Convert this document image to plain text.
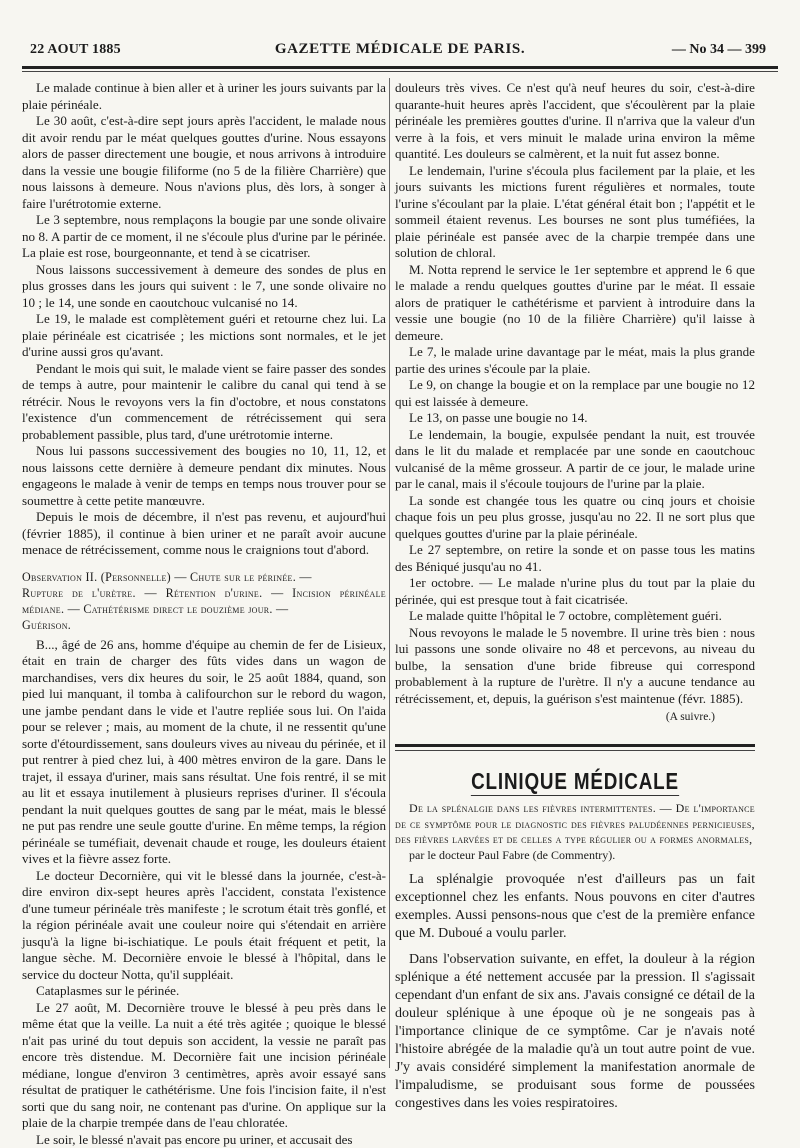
22 AOUT 1885	GAZETTE MÉDICALE DE PARIS.	— No 34 — 399

Le malade continue à bien aller et à uriner les jours suivants par la plaie périnéale.

Le 30 août, c'est-à-dire sept jours après l'accident, le malade nous dit avoir rendu par le méat quelques gouttes d'urine. Nous essayons alors de passer directement une bougie, et nous arrivons à introduire dans la vessie une bougie filiforme (no 5 de la filière Charrière) que nous laissons à demeure. Nous n'avions plus, dès lors, à songer à faire l'urétrotomie externe.

Le 3 septembre, nous remplaçons la bougie par une sonde olivaire no 8. A partir de ce moment, il ne s'écoule plus d'urine par le périnée. La plaie est rose, bourgeonnante, et tend à se cicatriser.

Nous laissons successivement à demeure des sondes de plus en plus grosses dans les jours qui suivent : le 7, une sonde olivaire no 10 ; le 14, une sonde en caoutchouc vulcanisé no 14.

Le 19, le malade est complètement guéri et retourne chez lui. La plaie périnéale est cicatrisée ; les mictions sont normales, et le jet d'urine aussi gros qu'avant.

Pendant le mois qui suit, le malade vient se faire passer des sondes de temps à autre, pour maintenir le calibre du canal qui tend à se rétrécir. Nous le revoyons vers la fin d'octobre, et nous constatons l'existence d'un commencement de rétrécissement qui sera probablement passible, plus tard, d'une urétrotomie interne.

Nous lui passons successivement des bougies no 10, 11, 12, et nous laissons cette dernière à demeure pendant dix minutes. Nous engageons le malade à venir de temps en temps nous trouver pour se soumettre à cette petite manœuvre.

Depuis le mois de décembre, il n'est pas revenu, et aujourd'hui (février 1885), il continue à bien uriner et ne paraît avoir aucune menace de rétrécissement, comme nous le craignions tout d'abord.

Observation II. (Personnelle) — Chute sur le périnée. —
Rupture de l'urètre. — Rétention d'urine. — Incision périnéale médiane. — Cathétérisme direct le douzième jour. —
Guérison.

B..., âgé de 26 ans, homme d'équipe au chemin de fer de Lisieux, était en train de charger des fûts vides dans un wagon de marchandises, vers dix heures du soir, le 25 août 1884, quand, son pied lui manquant, il tomba à califourchon sur le rebord du wagon, une jambe pendant dans le vide et l'autre repliée sous lui. On l'aida pour se relever ; mais, au moment de la chute, il ne ressentit qu'une sorte d'étourdissement, sans douleurs vives au niveau du périnée, et il put rentrer à pied chez lui, à 400 mètres environ de la gare. Dans le trajet, il essaya d'uriner, mais sans résultat. Une fois rentré, il se mit au lit et essaya inutilement à plusieurs reprises d'uriner. Il s'écoula pendant la nuit quelques gouttes de sang par le méat, mais le blessé ne put pas rendre une seule goutte d'urine. En même temps, la région périnéale se tuméfiait, devenait chaude et rouge, les douleurs étaient vives et la fièvre assez forte.

Le docteur Decornière, qui vit le blessé dans la journée, c'est-à-dire environ dix-sept heures après l'accident, constata l'existence d'une tumeur périnéale très manifeste ; le scrotum était très gonflé, et la région périnéale avait une couleur noire qui s'étendait en arrière jusqu'à la ligne bi-ischiatique. Le pouls était fréquent et petit, la langue sèche. M. Decornière envoie le blessé à l'hôpital, dans le service du docteur Notta, qu'il suppléait.

Cataplasmes sur le périnée.

Le 27 août, M. Decornière trouve le blessé à peu près dans le même état que la veille. La nuit a été très agitée ; quoique le blessé n'ait pas uriné du tout depuis son accident, la vessie ne paraît pas encore très distendue. M. Decornière fait une incision périnéale médiane, longue d'environ 3 centimètres, après avoir essayé sans résultat de pratiquer le cathétérisme. Une fois l'incision faite, il n'est sorti que du sang noir, ne contenant pas d'urine. On applique sur la plaie de la charpie trempée dans de l'eau chloratée.

Le soir, le blessé n'avait pas encore pu uriner, et accusait des

douleurs très vives. Ce n'est qu'à neuf heures du soir, c'est-à-dire quarante-huit heures après l'accident, que s'écoulèrent par la plaie périnéale les premières gouttes d'urine. Il n'arriva que la valeur d'un verre à la fois, et vers minuit le malade urina environ la même quantité. Les douleurs se calmèrent, et la nuit fut assez bonne.

Le lendemain, l'urine s'écoula plus facilement par la plaie, et les jours suivants les mictions furent régulières et normales, toute l'urine s'écoulant par la plaie. L'état général était bon ; l'appétit et le sommeil étaient revenus. Les bourses ne sont plus tuméfiées, la plaie périnéale est pansée avec de la charpie trempée dans une solution de chloral.

M. Notta reprend le service le 1er septembre et apprend le 6 que le malade a rendu quelques gouttes d'urine par le méat. Il essaie alors de pratiquer le cathétérisme et parvient à introduire dans la vessie une bougie (no 10 de la filière Charrière) qu'il laisse à demeure.

Le 7, le malade urine davantage par le méat, mais la plus grande partie des urines s'écoule par la plaie.

Le 9, on change la bougie et on la remplace par une bougie no 12 qui est laissée à demeure.

Le 13, on passe une bougie no 14.

Le lendemain, la bougie, expulsée pendant la nuit, est trouvée dans le lit du malade et remplacée par une sonde en caoutchouc vulcanisé de la même grosseur. A partir de ce jour, le malade urine par le canal, mais il s'écoule toujours de l'urine par la plaie.

La sonde est changée tous les quatre ou cinq jours et choisie chaque fois un peu plus grosse, jusqu'au no 22. Il ne sort plus que quelques gouttes d'urine par la plaie périnéale.

Le 27 septembre, on retire la sonde et on passe tous les matins des Béniqué jusqu'au no 41.

1er octobre. — Le malade n'urine plus du tout par la plaie du périnée, qui est presque tout à fait cicatrisée.

Le malade quitte l'hôpital le 7 octobre, complètement guéri.

Nous revoyons le malade le 5 novembre. Il urine très bien : nous lui passons une sonde olivaire no 48 et percevons, au niveau du bulbe, la sensation d'une bride fibreuse qui correspond probablement à la rupture de l'urètre. Il n'y a aucune tendance au rétrécissement, et, depuis, la guérison s'est maintenue (févr. 1885).

(A suivre.)
CLINIQUE MÉDICALE

De la splénalgie dans les fièvres intermittentes. — De l'importance de ce symptôme pour le diagnostic des fièvres paludéennes pernicieuses, des fièvres larvées et de celles a type régulier ou a formes anormales,

par le docteur Paul Fabre (de Commentry).

La splénalgie provoquée n'est d'ailleurs pas un fait exceptionnel chez les enfants. Nous pouvons en citer d'autres exemples. Aussi pensons-nous que c'est de la première enfance que M. Duboué a voulu parler.

Dans l'observation suivante, en effet, la douleur à la région splénique a été nettement accusée par la pression. Il s'agissait cependant d'un enfant de six ans. J'avais consigné ce détail de la douleur splénique à une époque où je ne songeais pas à l'importance clinique de ce symptôme. Car je n'avais noté l'histoire abrégée de la maladie qu'à un tout autre point de vue. J'y avais considéré simplement la manifestation anormale de l'impaludisme, se produisant sous forme de poussées congestives dans les voies respiratoires.
